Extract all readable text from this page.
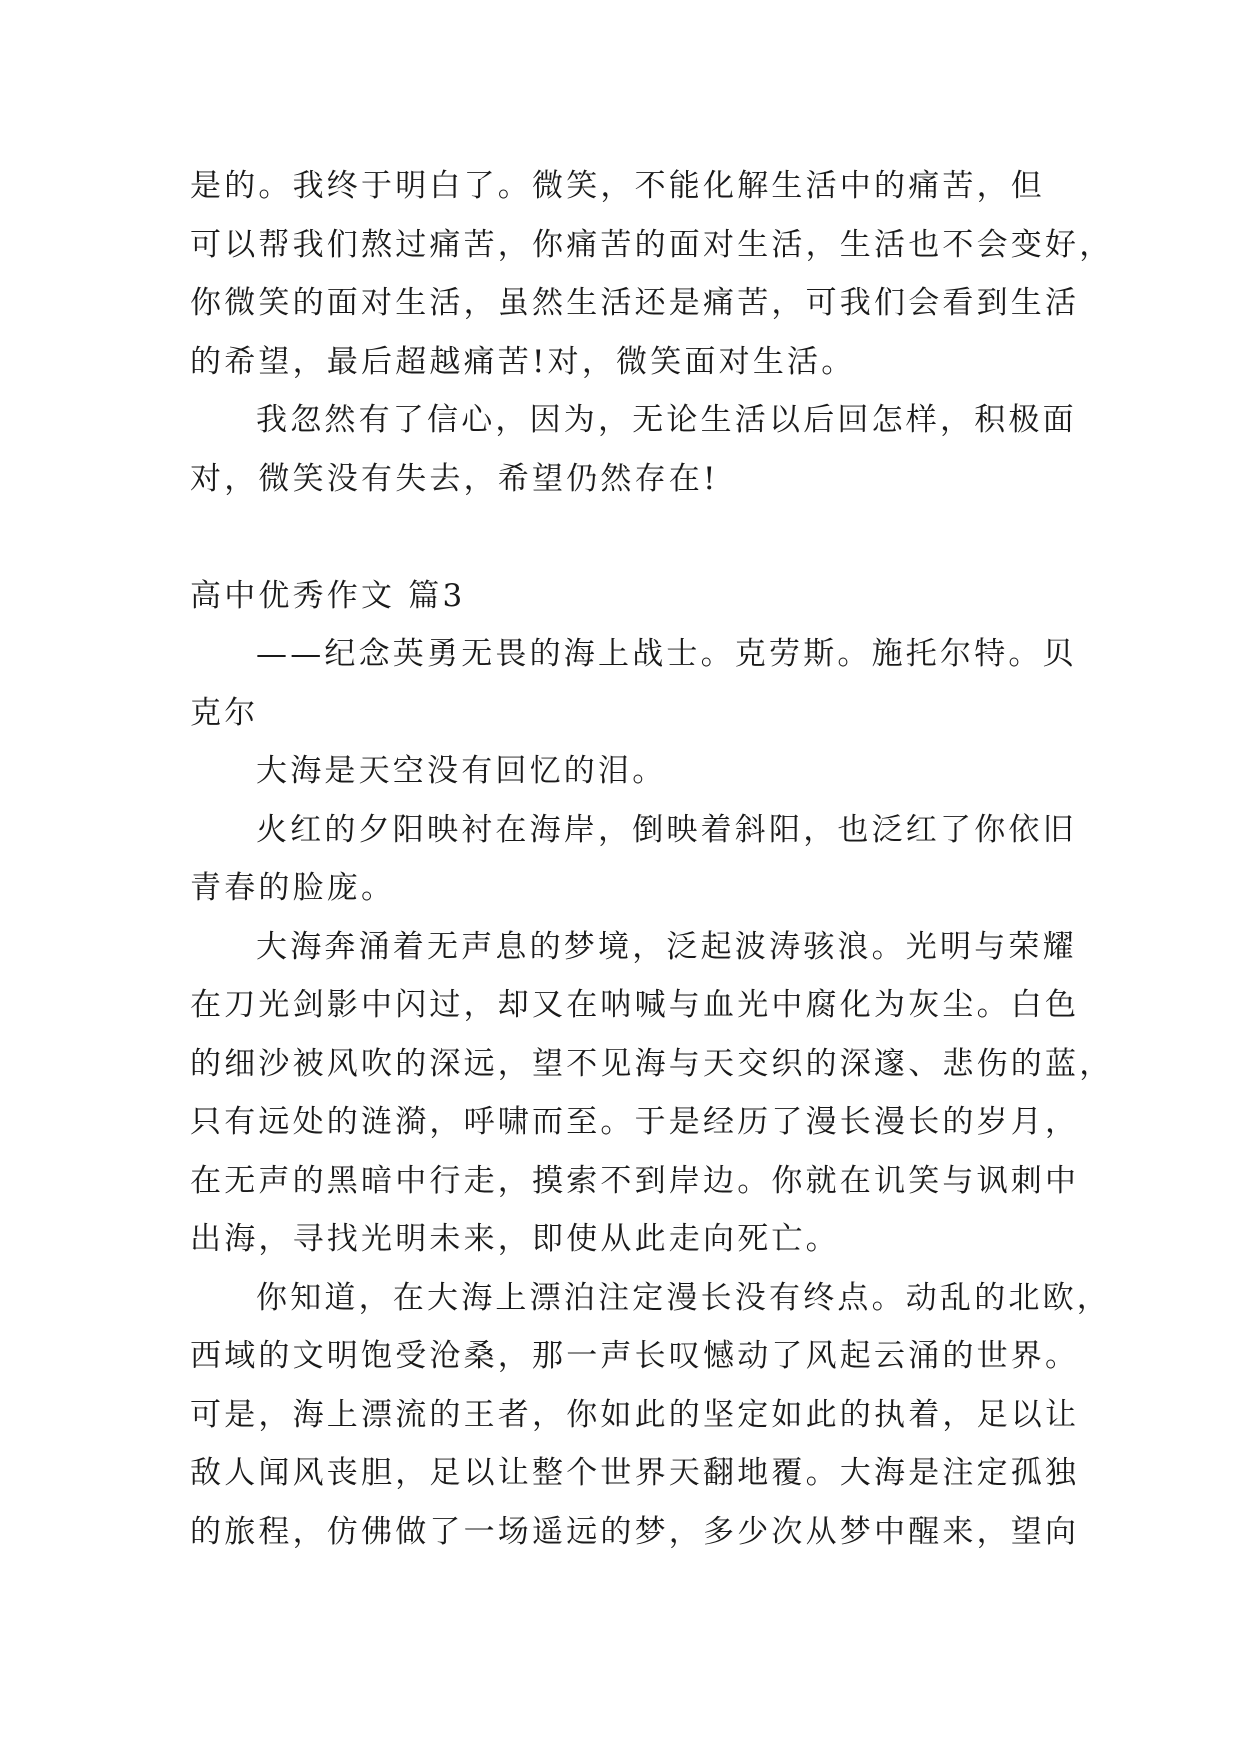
是的。我终于明白了。微笑，不能化解生活中的痛苦，但
可以帮我们熬过痛苦，你痛苦的面对生活，生活也不会变好，
你微笑的面对生活，虽然生活还是痛苦，可我们会看到生活
的希望，最后超越痛苦!对，微笑面对生活。
我忽然有了信心，因为，无论生活以后回怎样，积极面
对，微笑没有失去，希望仍然存在!
高中优秀作文 篇3
——纪念英勇无畏的海上战士。克劳斯。施托尔特。贝
克尔
大海是天空没有回忆的泪。
火红的夕阳映衬在海岸，倒映着斜阳，也泛红了你依旧
青春的脸庞。
大海奔涌着无声息的梦境，泛起波涛骇浪。光明与荣耀
在刀光剑影中闪过，却又在呐喊与血光中腐化为灰尘。白色
的细沙被风吹的深远，望不见海与天交织的深邃、悲伤的蓝，
只有远处的涟漪，呼啸而至。于是经历了漫长漫长的岁月，
在无声的黑暗中行走，摸索不到岸边。你就在讥笑与讽刺中
出海，寻找光明未来，即使从此走向死亡。
你知道，在大海上漂泊注定漫长没有终点。动乱的北欧，
西域的文明饱受沧桑，那一声长叹憾动了风起云涌的世界。
可是，海上漂流的王者，你如此的坚定如此的执着，足以让
敌人闻风丧胆，足以让整个世界天翻地覆。大海是注定孤独
的旅程，仿佛做了一场遥远的梦，多少次从梦中醒来，望向
